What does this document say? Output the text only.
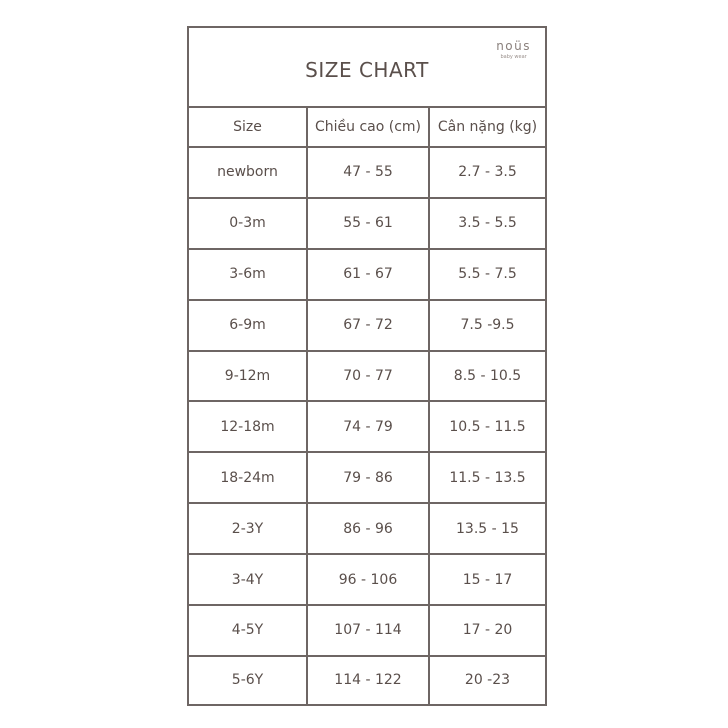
SIZE CHART
noüs
baby wear
Size	Chiều cao (cm)	Cân nặng (kg)
newborn	47 - 55	2.7 - 3.5
0-3m	55 - 61	3.5 - 5.5
3-6m	61 - 67	5.5 - 7.5
6-9m	67 - 72	7.5 -9.5
9-12m	70 - 77	8.5 - 10.5
12-18m	74 - 79	10.5 - 11.5
18-24m	79 - 86	11.5 - 13.5
2-3Y	86 - 96	13.5 - 15
3-4Y	96 - 106	15 - 17
4-5Y	107 - 114	17 - 20
5-6Y	114 - 122	20 -23
